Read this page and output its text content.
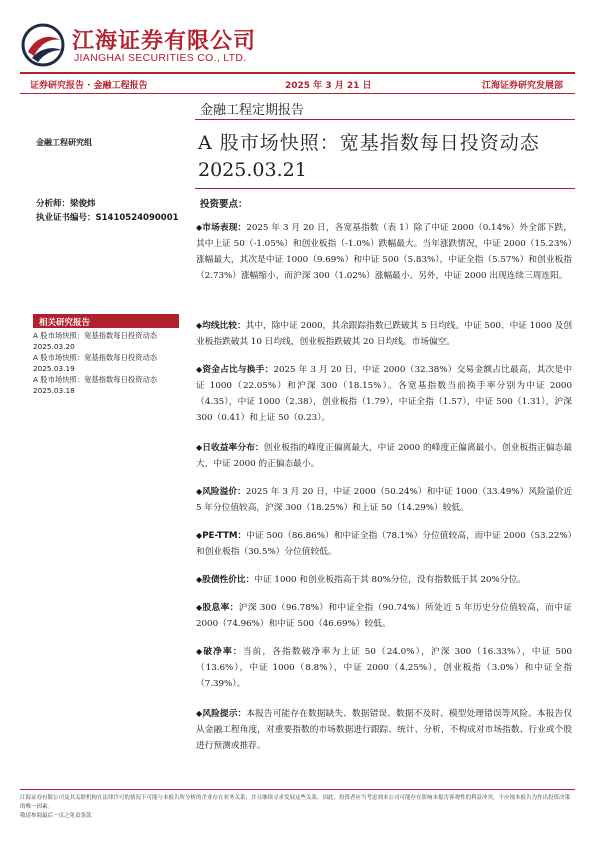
江海证券有限公司
JIANGHAI SECURITIES CO., LTD.
证券研究报告 · 金融工程报告	2025 年 3 月 21 日	江海证券研究发展部
金融工程定期报告
金融工程研究组	A 股市场快照：宽基指数每日投资动态
2025.03.21
分析师：梁俊炜
执业证书编号：S1410524090001
相关研究报告
A 股市场快照：宽基指数每日投资动态 2025.03.20
A 股市场快照：宽基指数每日投资动态 2025.03.19
A 股市场快照：宽基指数每日投资动态 2025.03.18
投资要点：
◆市场表现：2025 年 3 月 20 日，各宽基指数（表 1）除了中证 2000（0.14%）外全部下跌，其中上证 50（-1.05%）和创业板指（-1.0%）跌幅最大。当年涨跌情况，中证 2000（15.23%）涨幅最大，其次是中证 1000（9.69%）和中证 500（5.83%），中证全指（5.57%）和创业板指（2.73%）涨幅缩小，而沪深 300（1.02%）涨幅最小。另外，中证 2000 出现连续三周连阳。
◆均线比较：其中，除中证 2000，其余跟踪指数已跌破其 5 日均线。中证 500、中证 1000 及创业板指跌破其 10 日均线，创业板指跌破其 20 日均线。市场偏空。
◆资金占比与换手：2025 年 3 月 20 日，中证 2000（32.38%）交易金额占比最高，其次是中证 1000（22.05%）和沪深 300（18.15%）。各宽基指数当前换手率分别为中证 2000（4.35），中证 1000（2.38），创业板指（1.79），中证全指（1.57），中证 500（1.31），沪深 300（0.41）和上证 50（0.23）。
◆日收益率分布：创业板指的峰度正偏离最大，中证 2000 的峰度正偏离最小。创业板指正偏态最大，中证 2000 的正偏态最小。
◆风险溢价：2025 年 3 月 20 日，中证 2000（50.24%）和中证 1000（33.49%）风险溢价近 5 年分位值较高，沪深 300（18.25%）和上证 50（14.29%）较低。
◆PE-TTM：中证 500（86.86%）和中证全指（78.1%）分位值较高，而中证 2000（53.22%）和创业板指（30.5%）分位值较低。
◆股债性价比：中证 1000 和创业板指高于其 80%分位，没有指数低于其 20%分位。
◆股息率：沪深 300（96.78%）和中证全指（90.74%）所处近 5 年历史分位值较高，而中证 2000（74.96%）和中证 500（46.69%）较低。
◆破净率：当前，各指数破净率为上证 50（24.0%），沪深 300（16.33%），中证 500（13.6%），中证 1000（8.8%），中证 2000（4.25%），创业板指（3.0%）和中证全指（7.39%）。
◆风险提示：本报告可能存在数据缺失、数据错误、数据不及时、模型处理错误等风险。本报告仅从金融工程角度，对重要指数的市场数据进行跟踪、统计、分析，不构成对市场指数、行业或个股进行预测或推荐。
江海证券有限公司及其关联机构在法律许可的情况下可能与本报告所分析的企业存在业务关系，并且继续寻求发展这些关系。因此，投资者应当考虑到本公司可能存在影响本报告客观性的利益冲突，不应视本报告为作出投资决策的唯一因素。
敬请参阅最后一页之免责条款
